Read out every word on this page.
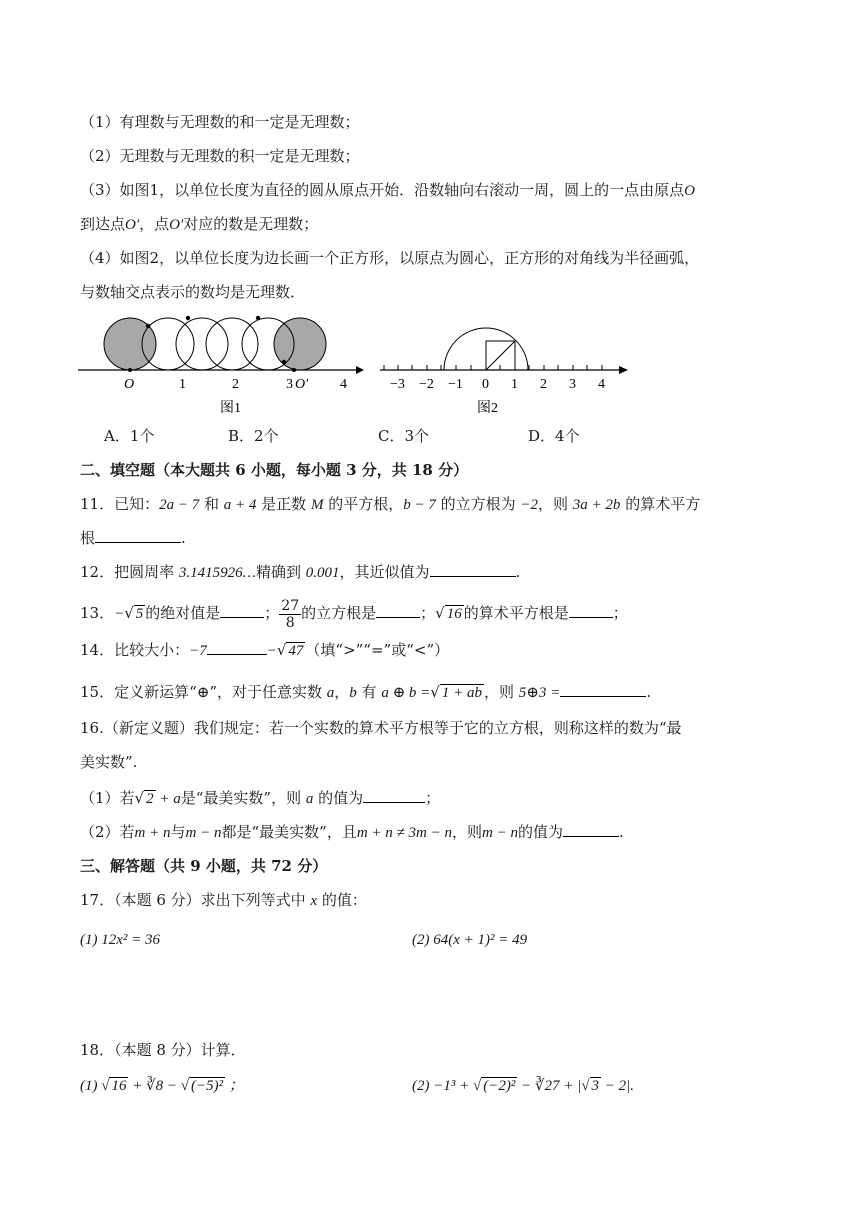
（1）有理数与无理数的和一定是无理数；
（2）无理数与无理数的积一定是无理数；
（3）如图1，以单位长度为直径的圆从原点开始．沿数轴向右滚动一周，圆上的一点由原点O
到达点O′，点O′对应的数是无理数；
（4）如图2，以单位长度为边长画一个正方形，以原点为圆心，正方形的对角线为半径画弧，
与数轴交点表示的数均是无理数．
O	1	2	3 O′ 4
图1
−3 −2 −1 0 1 2 3 4
图2
A．1个	B．2个	C．3个	D．4个
二、填空题（本大题共 6 小题，每小题 3 分，共 18 分）
11．已知：2a − 7 和 a + 4 是正数 M 的平方根，b − 7 的立方根为 −2，则 3a + 2b 的算术平方
根	.
12．把圆周率 3.1415926…精确到 0.001，其近似值为	.
13．−√ 5 的绝对值是	； $\frac{27}{8}$ 的立方根是	；√ 16 的算术平方根是	；
14．比较大小：−7	−√ 47 （填“>”“=”或“<”）
15．定义新运算“⊕”，对于任意实数 a，b 有 a ⊕ b =√ 1 + ab ，则 5⊕3 =	.
16.（新定义题）我们规定：若一个实数的算术平方根等于它的立方根，则称这样的数为“最
美实数”.
（1）若√ 2 + a是“最美实数”，则 a 的值为	；
（2）若m + n与m − n都是“最美实数”，且m + n ≠ 3m − n，则m − n的值为	.
三、解答题（共 9 小题，共 72 分）
17．（本题 6 分）求出下列等式中 x 的值：
(1) 12x² = 36	(2) 64(x + 1)² = 49
18．（本题 8 分）计算．
(1) √ 16 + ∛8 − √ (−5)² ；	(2) −1³ + √ (−2)² − ∛27 + |√ 3 − 2|.
